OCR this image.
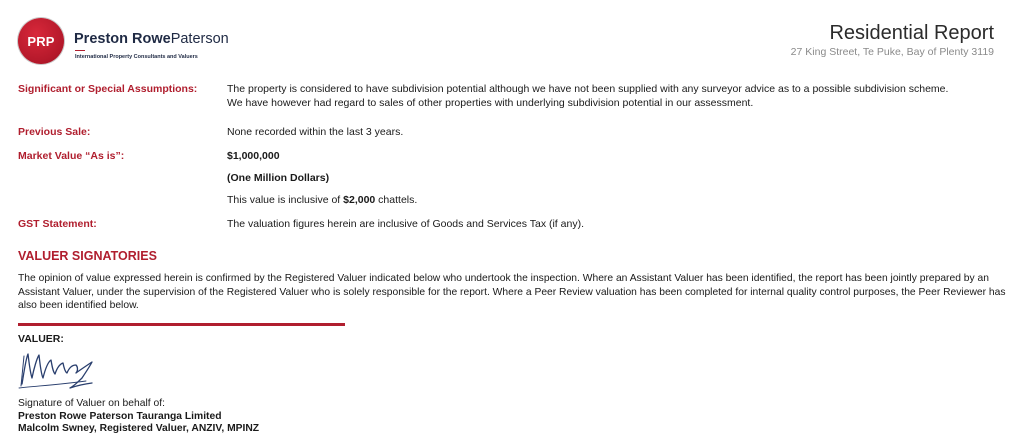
PRP Preston RowePaterson
International Property Consultants and Valuers
Residential Report
27 King Street, Te Puke, Bay of Plenty 3119
Significant or Special Assumptions:	The property is considered to have subdivision potential although we have not been supplied with any surveyor advice as to a possible subdivision scheme.
We have however had regard to sales of other properties with underlying subdivision potential in our assessment.
Previous Sale:	None recorded within the last 3 years.
Market Value “As is”:	$1,000,000
(One Million Dollars)
This value is inclusive of $2,000 chattels.
GST Statement:	The valuation figures herein are inclusive of Goods and Services Tax (if any).
VALUER SIGNATORIES
The opinion of value expressed herein is confirmed by the Registered Valuer indicated below who undertook the inspection. Where an Assistant Valuer has been identified, the report has been jointly prepared by an Assistant Valuer, under the supervision of the Registered Valuer who is solely responsible for the report. Where a Peer Review valuation has been completed for internal quality control purposes, the Peer Reviewer has also been identified below.
VALUER:
Signature of Valuer on behalf of:
Preston Rowe Paterson Tauranga Limited
Malcolm Swney, Registered Valuer, ANZIV, MPINZ
